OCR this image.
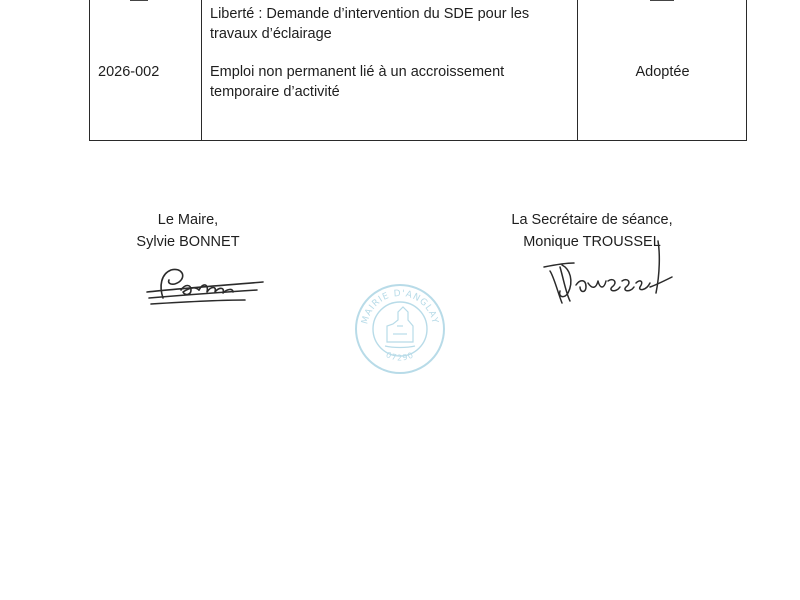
Liberté : Demande d’intervention du SDE pour les
travaux d’éclairage
2026-002	Emploi non permanent lié à un accroissement
temporaire d’activité
Adoptée
Le Maire,
Sylvie BONNET
La Secrétaire de séance,
Monique TROUSSEL
MAIRIE D'ANGLAY
07290
